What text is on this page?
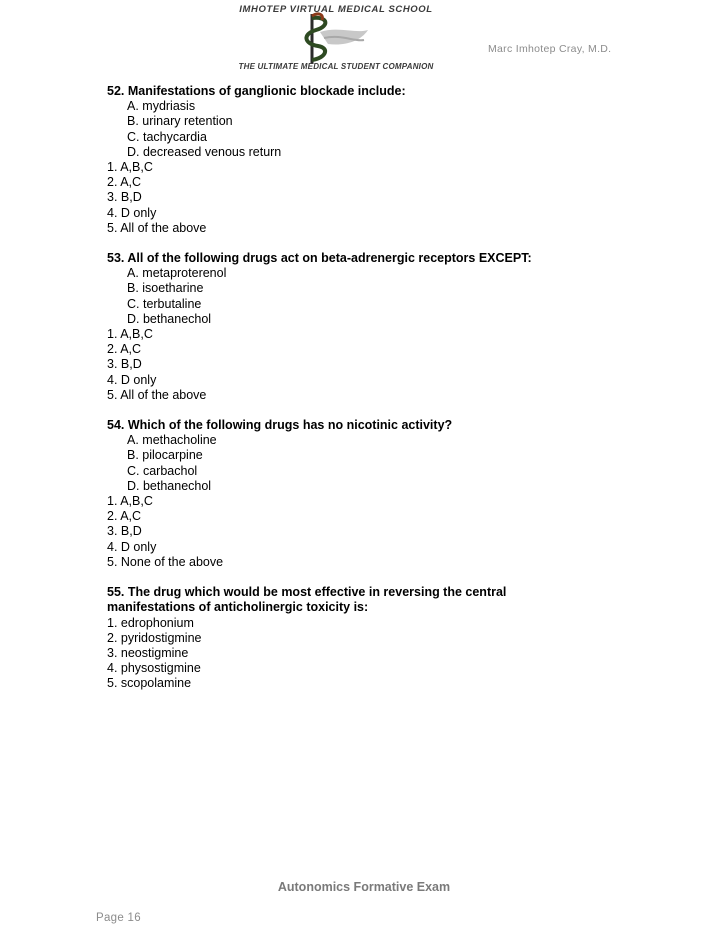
IMHOTEP VIRTUAL MEDICAL SCHOOL
THE ULTIMATE MEDICAL STUDENT COMPANION
Marc Imhotep Cray, M.D.
52. Manifestations of ganglionic blockade include:
A. mydriasis
B. urinary retention
C. tachycardia
D. decreased venous return
1. A,B,C
2. A,C
3. B,D
4. D only
5. All of the above
53. All of the following drugs act on beta-adrenergic receptors EXCEPT:
A. metaproterenol
B. isoetharine
C. terbutaline
D. bethanechol
1. A,B,C
2. A,C
3. B,D
4. D only
5. All of the above
54. Which of the following drugs has no nicotinic activity?
A. methacholine
B. pilocarpine
C. carbachol
D. bethanechol
1. A,B,C
2. A,C
3. B,D
4. D only
5. None of the above
55. The drug which would be most effective in reversing the central
manifestations of anticholinergic toxicity is:
1. edrophonium
2. pyridostigmine
3. neostigmine
4. physostigmine
5. scopolamine
Autonomics Formative Exam
Page 16
